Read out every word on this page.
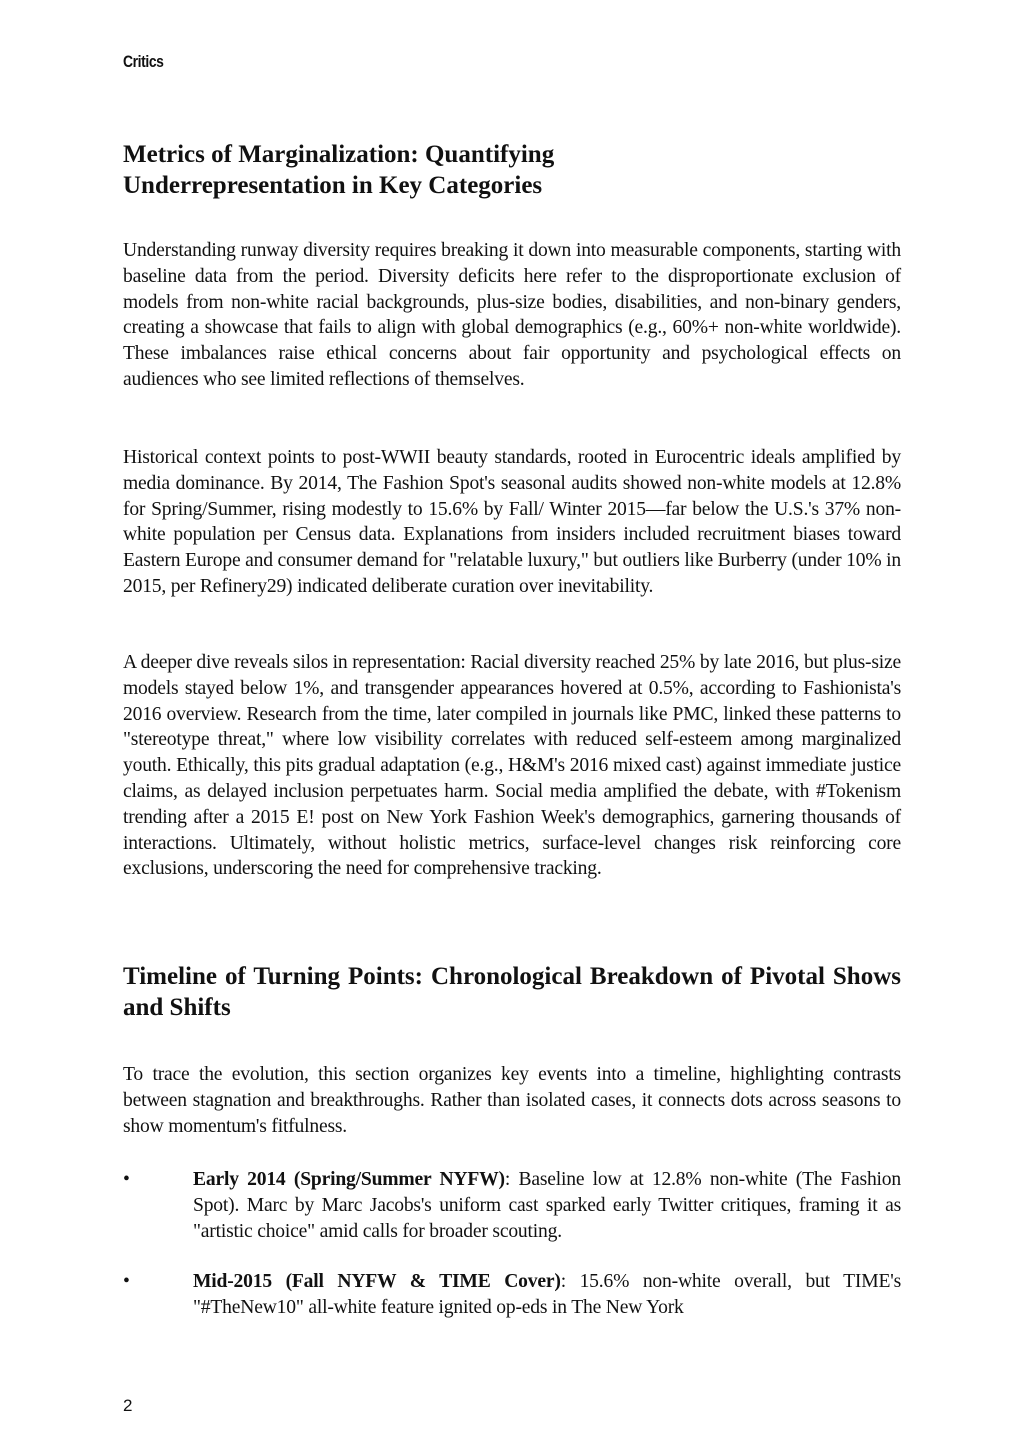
Critics
Metrics of Marginalization: Quantifying Underrepresentation in Key Categories

Understanding runway diversity requires breaking it down into measurable components, starting with baseline data from the period. Diversity deficits here refer to the disproportionate exclusion of models from non-white racial backgrounds, plus-size bodies, disabilities, and non-binary genders, creating a showcase that fails to align with global demographics (e.g., 60%+ non-white worldwide). These imbalances raise ethical concerns about fair opportunity and psychological effects on audiences who see limited reflections of themselves.

Historical context points to post-WWII beauty standards, rooted in Eurocentric ideals amplified by media dominance. By 2014, The Fashion Spot's seasonal audits showed non-white models at 12.8% for Spring/Summer, rising modestly to 15.6% by Fall/ Winter 2015—far below the U.S.'s 37% non-white population per Census data. Explanations from insiders included recruitment biases toward Eastern Europe and consumer demand for "relatable luxury," but outliers like Burberry (under 10% in 2015, per Refinery29) indicated deliberate curation over inevitability.

A deeper dive reveals silos in representation: Racial diversity reached 25% by late 2016, but plus-size models stayed below 1%, and transgender appearances hovered at 0.5%, according to Fashionista's 2016 overview. Research from the time, later compiled in journals like PMC, linked these patterns to "stereotype threat," where low visibility correlates with reduced self-esteem among marginalized youth. Ethically, this pits gradual adaptation (e.g., H&M's 2016 mixed cast) against immediate justice claims, as delayed inclusion perpetuates harm. Social media amplified the debate, with #Tokenism trending after a 2015 E! post on New York Fashion Week's demographics, garnering thousands of interactions. Ultimately, without holistic metrics, surface-level changes risk reinforcing core exclusions, underscoring the need for comprehensive tracking.

Timeline of Turning Points: Chronological Breakdown of Pivotal Shows and Shifts

To trace the evolution, this section organizes key events into a timeline, highlighting contrasts between stagnation and breakthroughs. Rather than isolated cases, it connects dots across seasons to show momentum's fitfulness.

•	Early 2014 (Spring/Summer NYFW): Baseline low at 12.8% non-white (The Fashion Spot). Marc by Marc Jacobs's uniform cast sparked early Twitter critiques, framing it as "artistic choice" amid calls for broader scouting.

•	Mid-2015 (Fall NYFW & TIME Cover): 15.6% non-white overall, but TIME's "#TheNew10" all-white feature ignited op-eds in The New York

2
